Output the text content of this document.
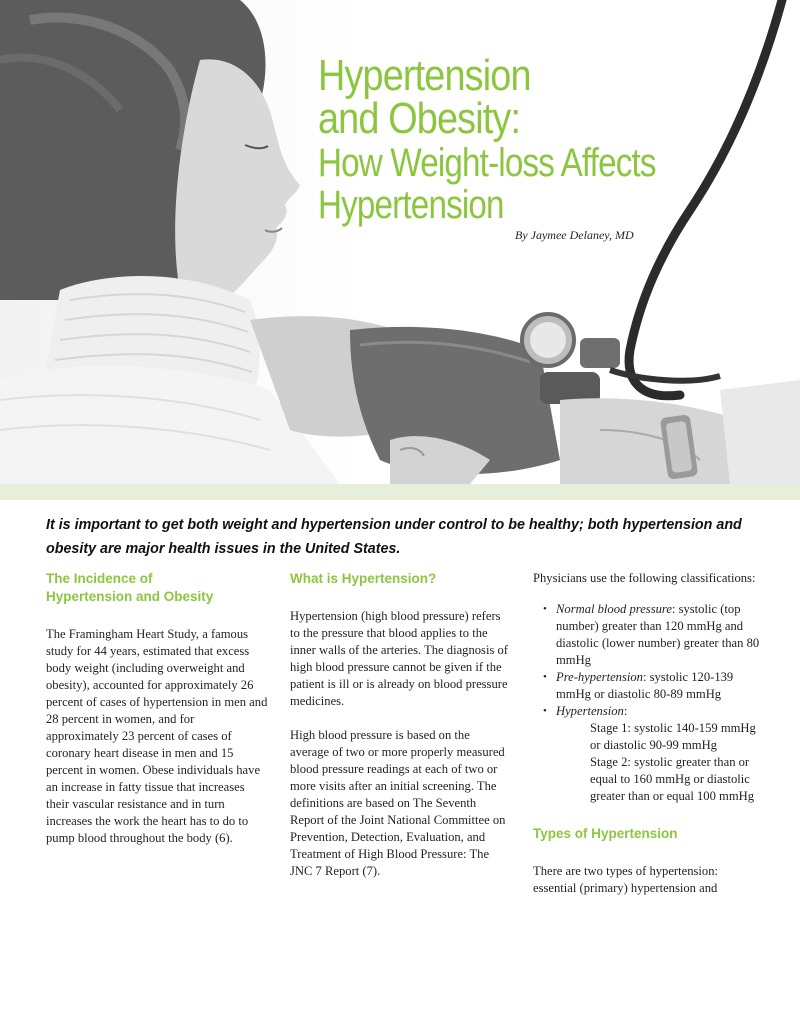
Hypertension
and Obesity:
How Weight-loss Affects
Hypertension
By Jaymee Delaney, MD

It is important to get both weight and hypertension under control to be healthy; both hypertension and obesity are major health issues in the United States.

The Incidence of
Hypertension and Obesity

The Framingham Heart Study, a famous study for 44 years, estimated that excess body weight (including overweight and obesity), accounted for approximately 26 percent of cases of hypertension in men and 28 percent in women, and for approximately 23 percent of cases of coronary heart disease in men and 15 percent in women. Obese individuals have an increase in fatty tissue that increases their vascular resistance and in turn increases the work the heart has to do to pump blood throughout the body (6).

What is Hypertension?

Hypertension (high blood pressure) refers to the pressure that blood applies to the inner walls of the arteries. The diagnosis of high blood pressure cannot be given if the patient is ill or is already on blood pressure medicines.

High blood pressure is based on the average of two or more properly measured blood pressure readings at each of two or more visits after an initial screening. The definitions are based on The Seventh Report of the Joint National Committee on Prevention, Detection, Evaluation, and Treatment of High Blood Pressure: The JNC 7 Report (7).

Physicians use the following classifications:

• Normal blood pressure: systolic (top number) greater than 120 mmHg and diastolic (lower number) greater than 80 mmHg
• Pre-hypertension: systolic 120-139 mmHg or diastolic 80-89 mmHg
• Hypertension:
Stage 1: systolic 140-159 mmHg or diastolic 90-99 mmHg
Stage 2: systolic greater than or equal to 160 mmHg or diastolic greater than or equal 100 mmHg
Types of Hypertension

There are two types of hypertension: essential (primary) hypertension and
